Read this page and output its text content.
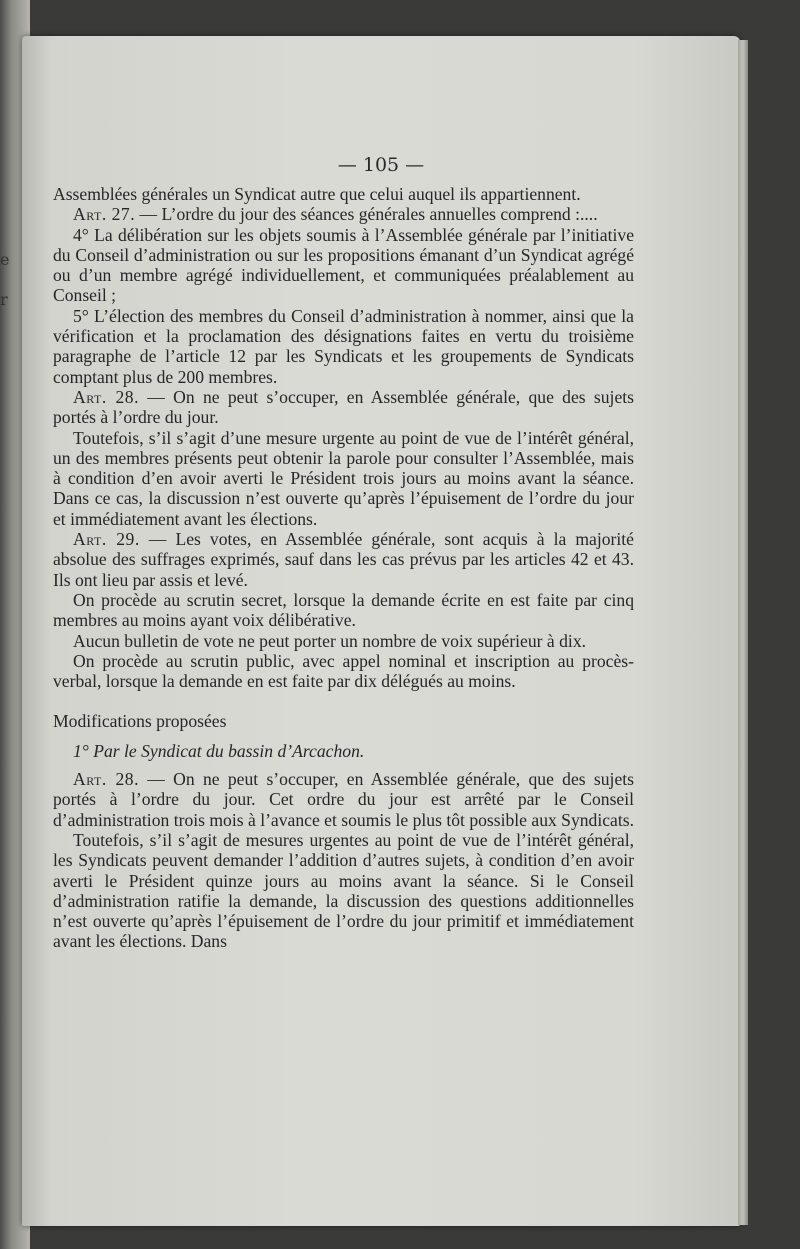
e
r
— 105 —

Assemblées générales un Syndicat autre que celui auquel ils appartiennent.

Art. 27. — L’ordre du jour des séances générales annuelles comprend :....

4° La délibération sur les objets soumis à l’Assemblée générale par l’initiative du Conseil d’administration ou sur les propositions émanant d’un Syndicat agrégé ou d’un membre agrégé individuellement, et communiquées préalablement au Conseil ;

5° L’élection des membres du Conseil d’administration à nommer, ainsi que la vérification et la proclamation des désignations faites en vertu du troisième paragraphe de l’article 12 par les Syndicats et les groupements de Syndicats comptant plus de 200 membres.

Art. 28. — On ne peut s’occuper, en Assemblée générale, que des sujets portés à l’ordre du jour.

Toutefois, s’il s’agit d’une mesure urgente au point de vue de l’intérêt général, un des membres présents peut obtenir la parole pour consulter l’Assemblée, mais à condition d’en avoir averti le Président trois jours au moins avant la séance. Dans ce cas, la discussion n’est ouverte qu’après l’épuisement de l’ordre du jour et immédiatement avant les élections.

Art. 29. — Les votes, en Assemblée générale, sont acquis à la majorité absolue des suffrages exprimés, sauf dans les cas prévus par les articles 42 et 43. Ils ont lieu par assis et levé.

On procède au scrutin secret, lorsque la demande écrite en est faite par cinq membres au moins ayant voix délibérative.

Aucun bulletin de vote ne peut porter un nombre de voix supérieur à dix.

On procède au scrutin public, avec appel nominal et inscription au procès-verbal, lorsque la demande en est faite par dix délégués au moins.

Modifications proposées

1° Par le Syndicat du bassin d’Arcachon.

Art. 28. — On ne peut s’occuper, en Assemblée générale, que des sujets portés à l’ordre du jour. Cet ordre du jour est arrêté par le Conseil d’administration trois mois à l’avance et soumis le plus tôt possible aux Syndicats.

Toutefois, s’il s’agit de mesures urgentes au point de vue de l’intérêt général, les Syndicats peuvent demander l’addition d’autres sujets, à condition d’en avoir averti le Président quinze jours au moins avant la séance. Si le Conseil d’administration ratifie la demande, la discussion des questions additionnelles n’est ouverte qu’après l’épuisement de l’ordre du jour primitif et immédiatement avant les élections. Dans
